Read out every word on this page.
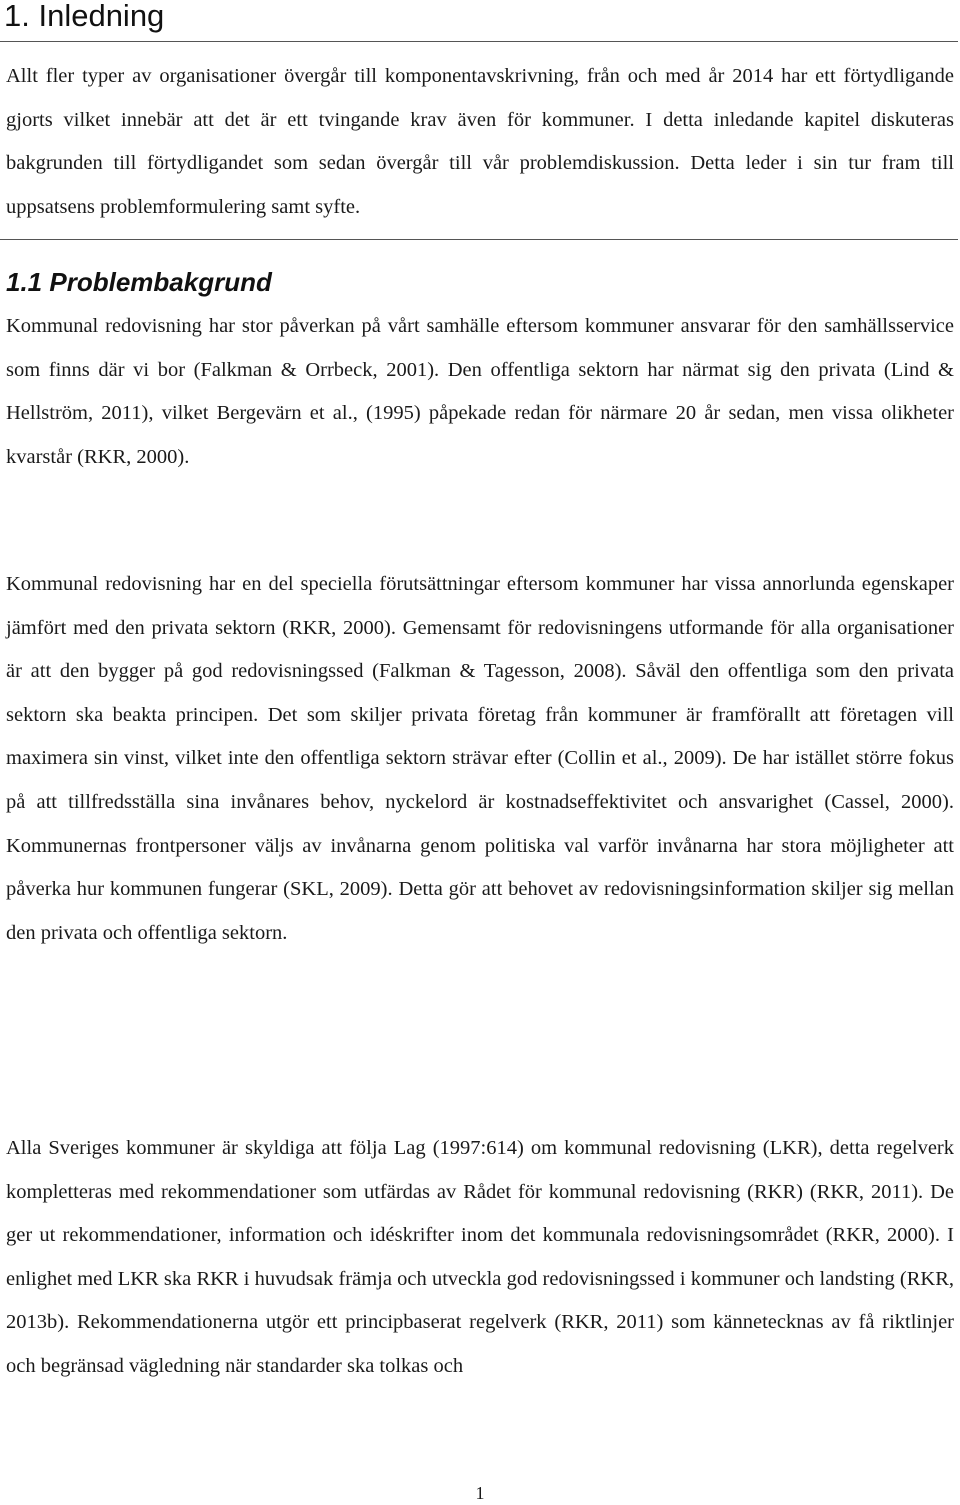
1. Inledning

Allt fler typer av organisationer övergår till komponentavskrivning, från och med år 2014 har ett förtydligande gjorts vilket innebär att det är ett tvingande krav även för kommuner. I detta inledande kapitel diskuteras bakgrunden till förtydligandet som sedan övergår till vår problemdiskussion. Detta leder i sin tur fram till uppsatsens problemformulering samt syfte.

1.1 Problembakgrund

Kommunal redovisning har stor påverkan på vårt samhälle eftersom kommuner ansvarar för den samhällsservice som finns där vi bor (Falkman & Orrbeck, 2001). Den offentliga sektorn har närmat sig den privata (Lind & Hellström, 2011), vilket Bergevärn et al., (1995) påpekade redan för närmare 20 år sedan, men vissa olikheter kvarstår (RKR, 2000).

Kommunal redovisning har en del speciella förutsättningar eftersom kommuner har vissa annorlunda egenskaper jämfört med den privata sektorn (RKR, 2000). Gemensamt för redovisningens utformande för alla organisationer är att den bygger på god redovisningssed (Falkman & Tagesson, 2008). Såväl den offentliga som den privata sektorn ska beakta principen. Det som skiljer privata företag från kommuner är framförallt att företagen vill maximera sin vinst, vilket inte den offentliga sektorn strävar efter (Collin et al., 2009). De har istället större fokus på att tillfredsställa sina invånares behov, nyckelord är kostnadseffektivitet och ansvarighet (Cassel, 2000). Kommunernas frontpersoner väljs av invånarna genom politiska val varför invånarna har stora möjligheter att påverka hur kommunen fungerar (SKL, 2009). Detta gör att behovet av redovisningsinformation skiljer sig mellan den privata och offentliga sektorn.

Alla Sveriges kommuner är skyldiga att följa Lag (1997:614) om kommunal redovisning (LKR), detta regelverk kompletteras med rekommendationer som utfärdas av Rådet för kommunal redovisning (RKR) (RKR, 2011). De ger ut rekommendationer, information och idéskrifter inom det kommunala redovisningsområdet (RKR, 2000). I enlighet med LKR ska RKR i huvudsak främja och utveckla god redovisningssed i kommuner och landsting (RKR, 2013b). Rekommendationerna utgör ett principbaserat regelverk (RKR, 2011) som kännetecknas av få riktlinjer och begränsad vägledning när standarder ska tolkas och

1
